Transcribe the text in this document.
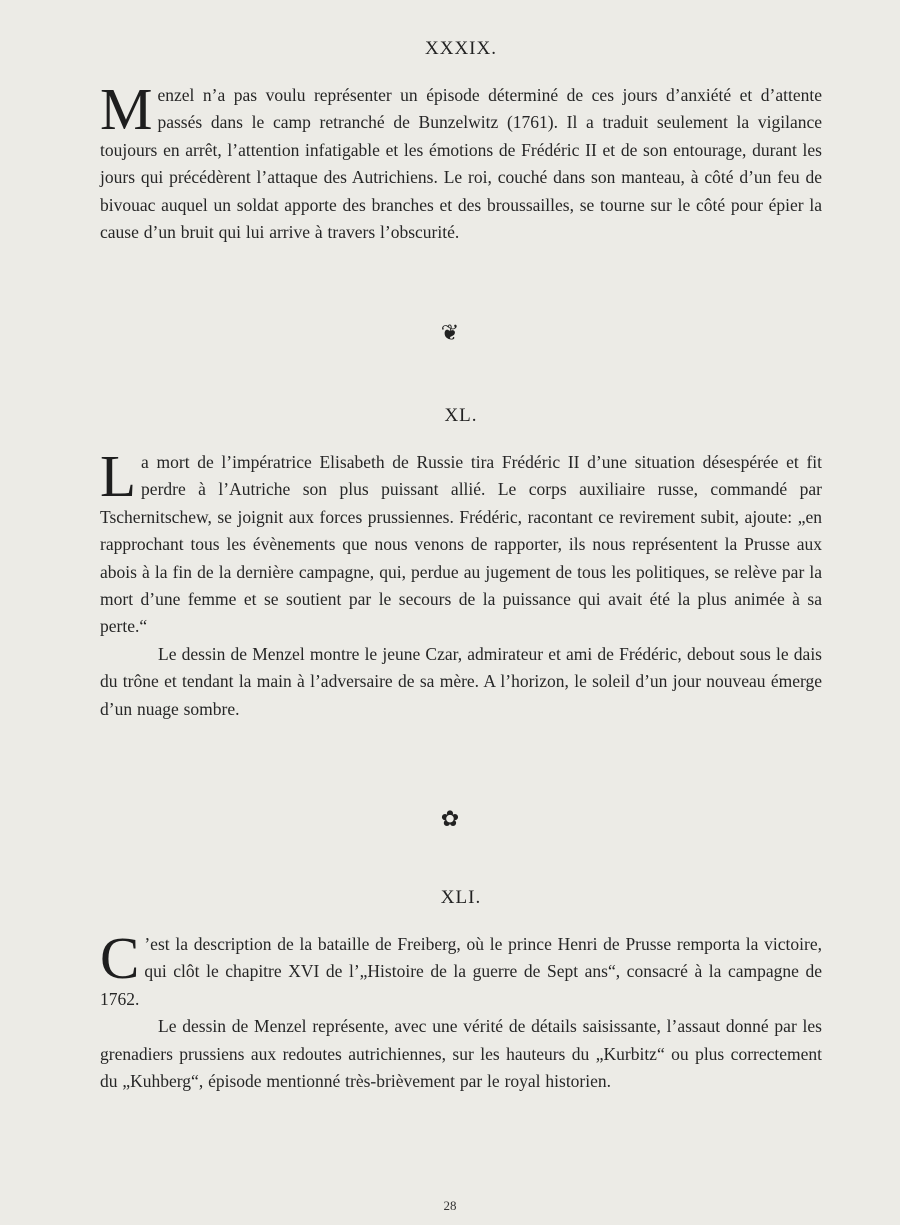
XXXIX.

M enzel n’a pas voulu représenter un épisode déterminé de ces jours d’anxiété et d’attente passés dans le camp retranché de Bunzelwitz (1761). Il a traduit seulement la vigilance toujours en arrêt, l’attention infatigable et les émotions de Frédéric II et de son entourage, durant les jours qui précédèrent l’attaque des Autrichiens. Le roi, couché dans son manteau, à côté d’un feu de bivouac auquel un soldat apporte des branches et des broussailles, se tourne sur le côté pour épier la cause d’un bruit qui lui arrive à travers l’obscurité.

❦
XL.

L a mort de l’impératrice Elisabeth de Russie tira Frédéric II d’une situation désespérée et fit perdre à l’Autriche son plus puissant allié. Le corps auxiliaire russe, commandé par Tschernitschew, se joignit aux forces prussiennes. Frédéric, racontant ce revirement subit, ajoute: „en rapprochant tous les évènements que nous venons de rapporter, ils nous représentent la Prusse aux abois à la fin de la dernière campagne, qui, perdue au jugement de tous les politiques, se relève par la mort d’une femme et se soutient par le secours de la puissance qui avait été la plus animée à sa perte.“

Le dessin de Menzel montre le jeune Czar, admirateur et ami de Frédéric, debout sous le dais du trône et tendant la main à l’adversaire de sa mère. A l’horizon, le soleil d’un jour nouveau émerge d’un nuage sombre.

✿
XLI.

C ’est la description de la bataille de Freiberg, où le prince Henri de Prusse remporta la victoire, qui clôt le chapitre XVI de l’„Histoire de la guerre de Sept ans“, consacré à la campagne de 1762.

Le dessin de Menzel représente, avec une vérité de détails saisissante, l’assaut donné par les grenadiers prussiens aux redoutes autrichiennes, sur les hauteurs du „Kurbitz“ ou plus correctement du „Kuhberg“, épisode mentionné très-brièvement par le royal historien.

28
